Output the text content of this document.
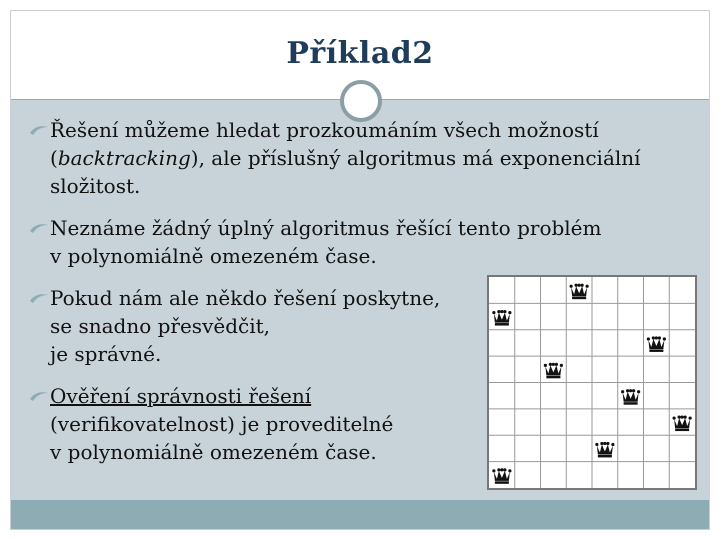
Příklad2
Řešení můžeme hledat prozkoumáním všech možností
(backtracking), ale příslušný algoritmus má exponenciální
složitost.
Neznáme žádný úplný algoritmus řešící tento problém
v polynomiálně omezeném čase.
Pokud nám ale někdo řešení poskytne,
se snadno přesvědčit,
je správné.
Ověření správnosti řešení
(verifikovatelnost) je proveditelné
v polynomiálně omezeném čase.
